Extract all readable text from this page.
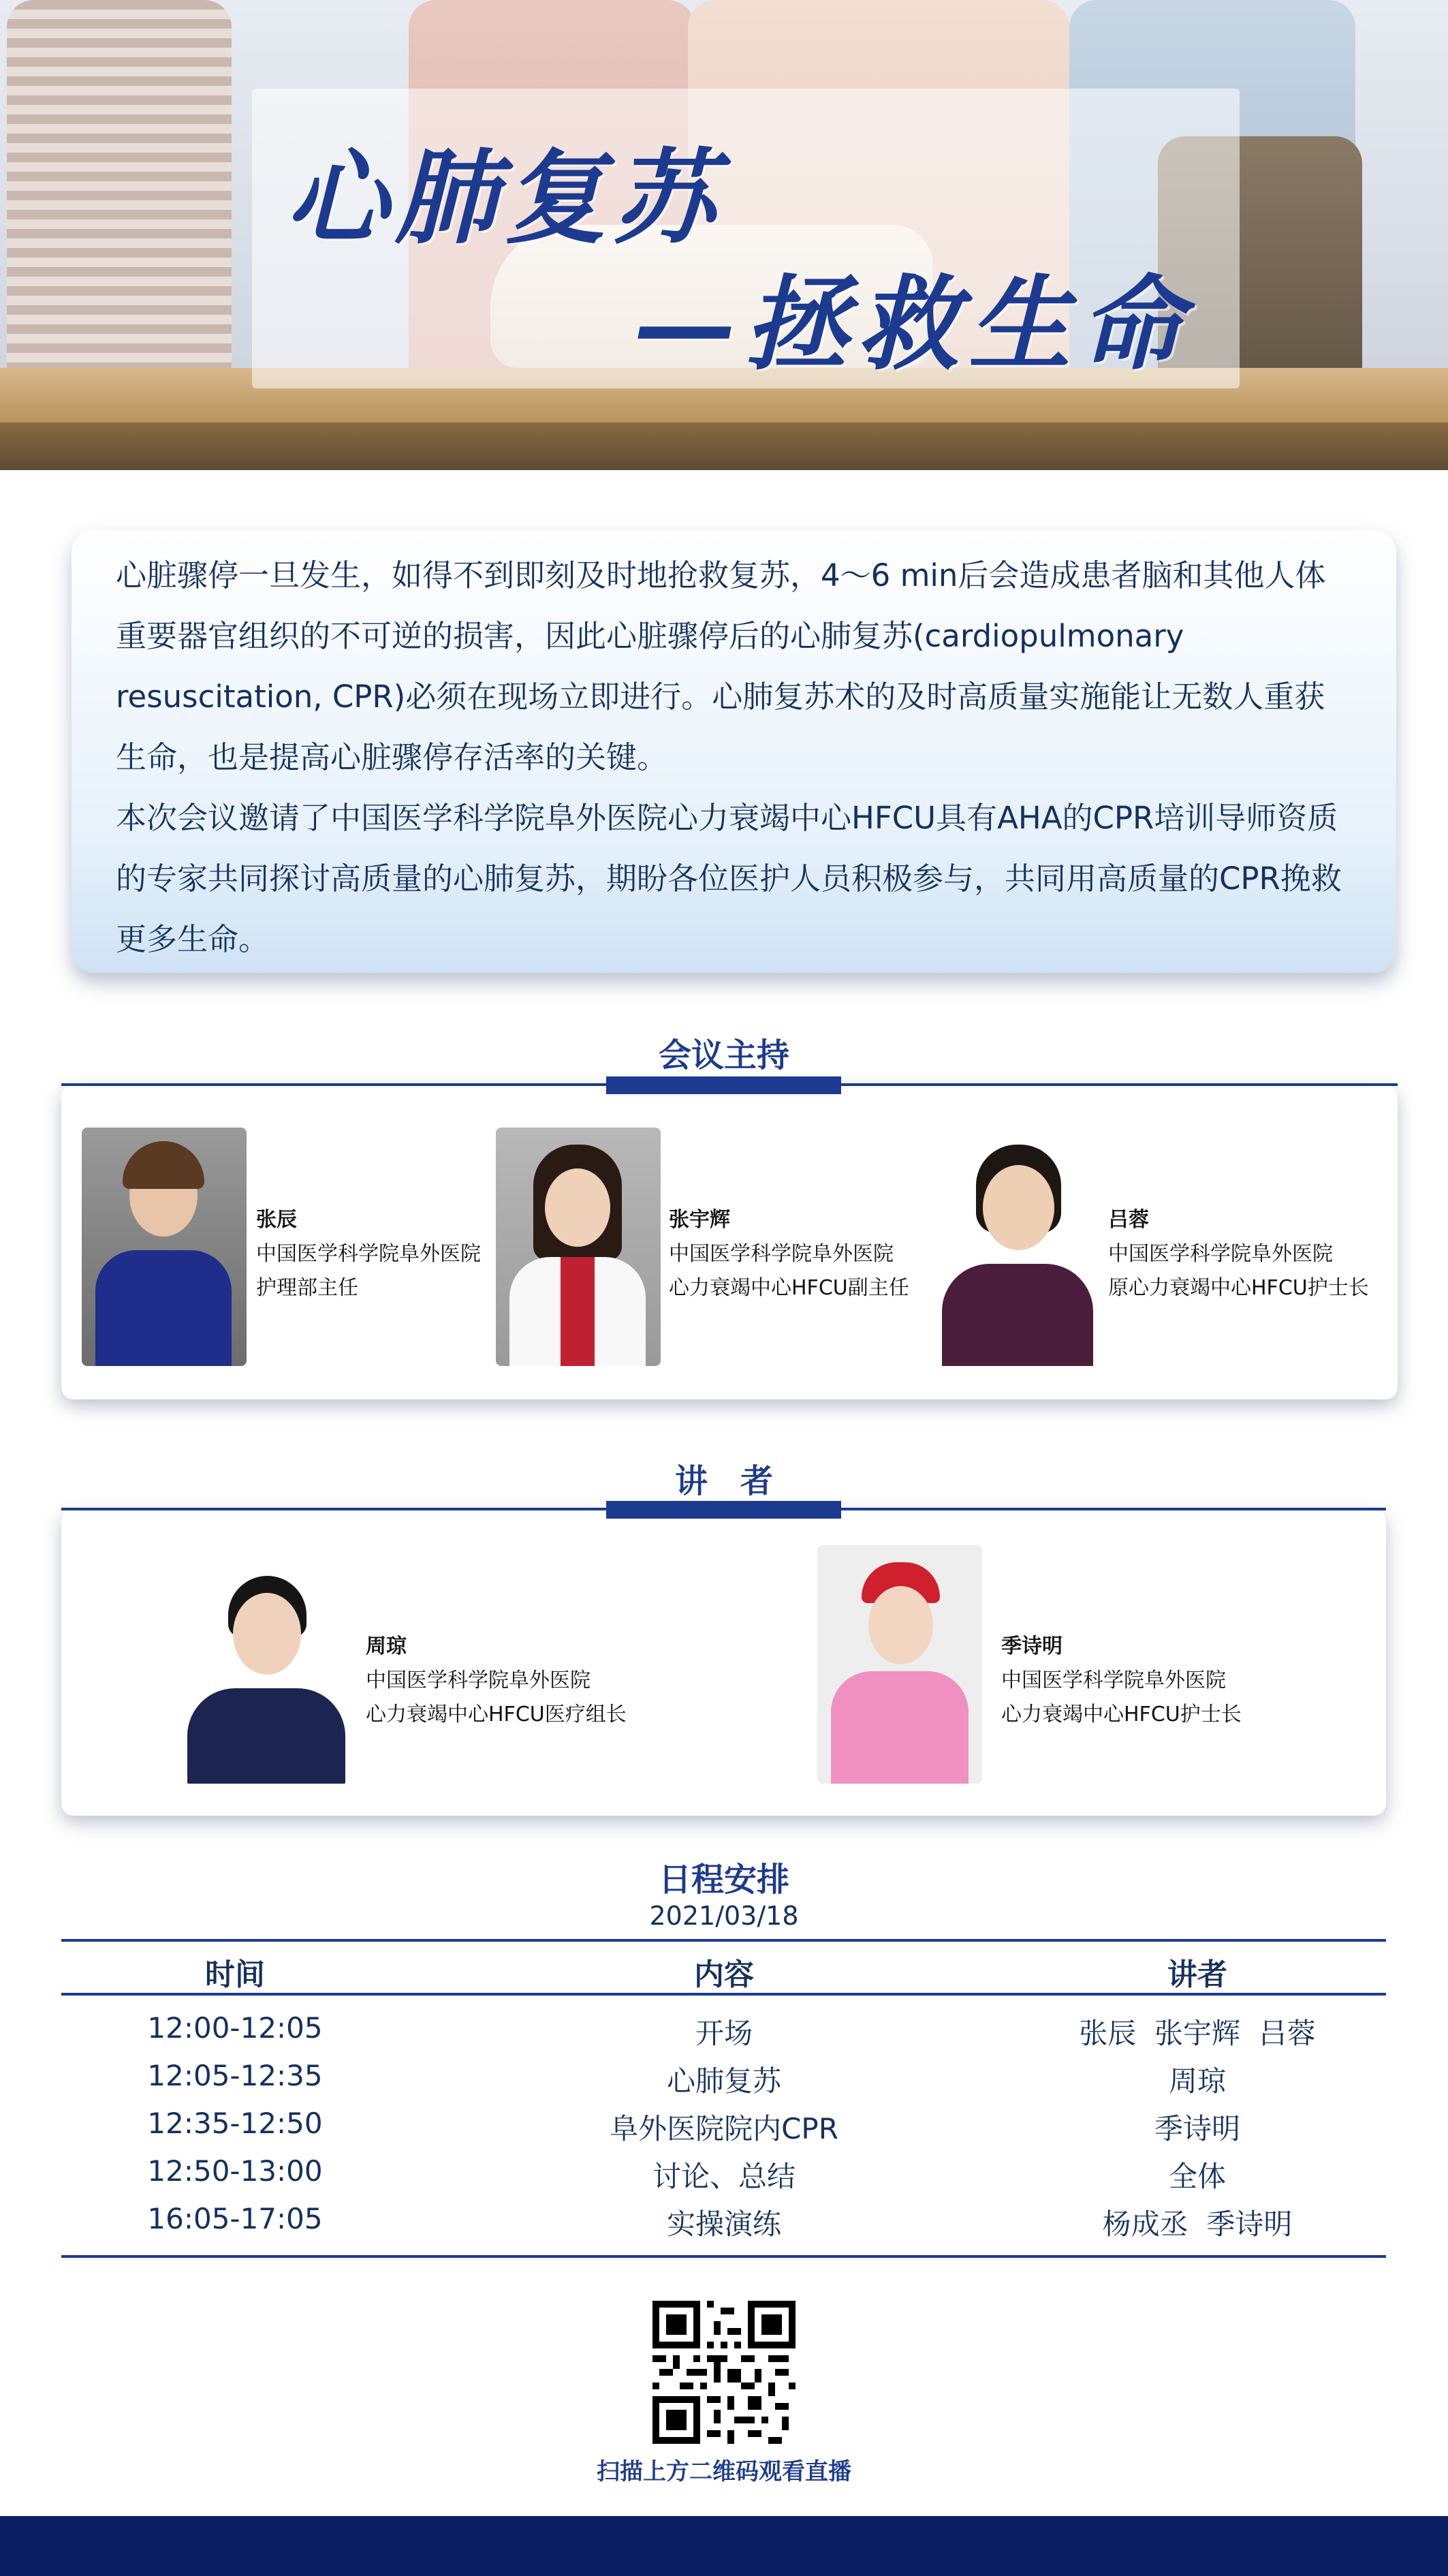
心肺复苏
—拯救生命

心脏骤停一旦发生，如得不到即刻及时地抢救复苏，4～6 min后会造成患者脑和其他人体重要器官组织的不可逆的损害，因此心脏骤停后的心肺复苏(cardiopulmonary resuscitation, CPR)必须在现场立即进行。心肺复苏术的及时高质量实施能让无数人重获生命，也是提高心脏骤停存活率的关键。

本次会议邀请了中国医学科学院阜外医院心力衰竭中心HFCU具有AHA的CPR培训导师资质的专家共同探讨高质量的心肺复苏，期盼各位医护人员积极参与，共同用高质量的CPR挽救更多生命。

会议主持
张辰
中国医学科学院阜外医院
护理部主任
张宇辉
中国医学科学院阜外医院
心力衰竭中心HFCU副主任
吕蓉
中国医学科学院阜外医院
原心力衰竭中心HFCU护士长
讲　者
周琼
中国医学科学院阜外医院
心力衰竭中心HFCU医疗组长
季诗明
中国医学科学院阜外医院
心力衰竭中心HFCU护士长
日程安排
2021/03/18
时间	内容	讲者
12:00-12:05	开场	张辰  张宇辉  吕蓉
12:05-12:35	心肺复苏	周琼
12:35-12:50	阜外医院院内CPR	季诗明
12:50-13:00	讨论、总结	全体
16:05-17:05	实操演练	杨成丞  季诗明
扫描上方二维码观看直播
